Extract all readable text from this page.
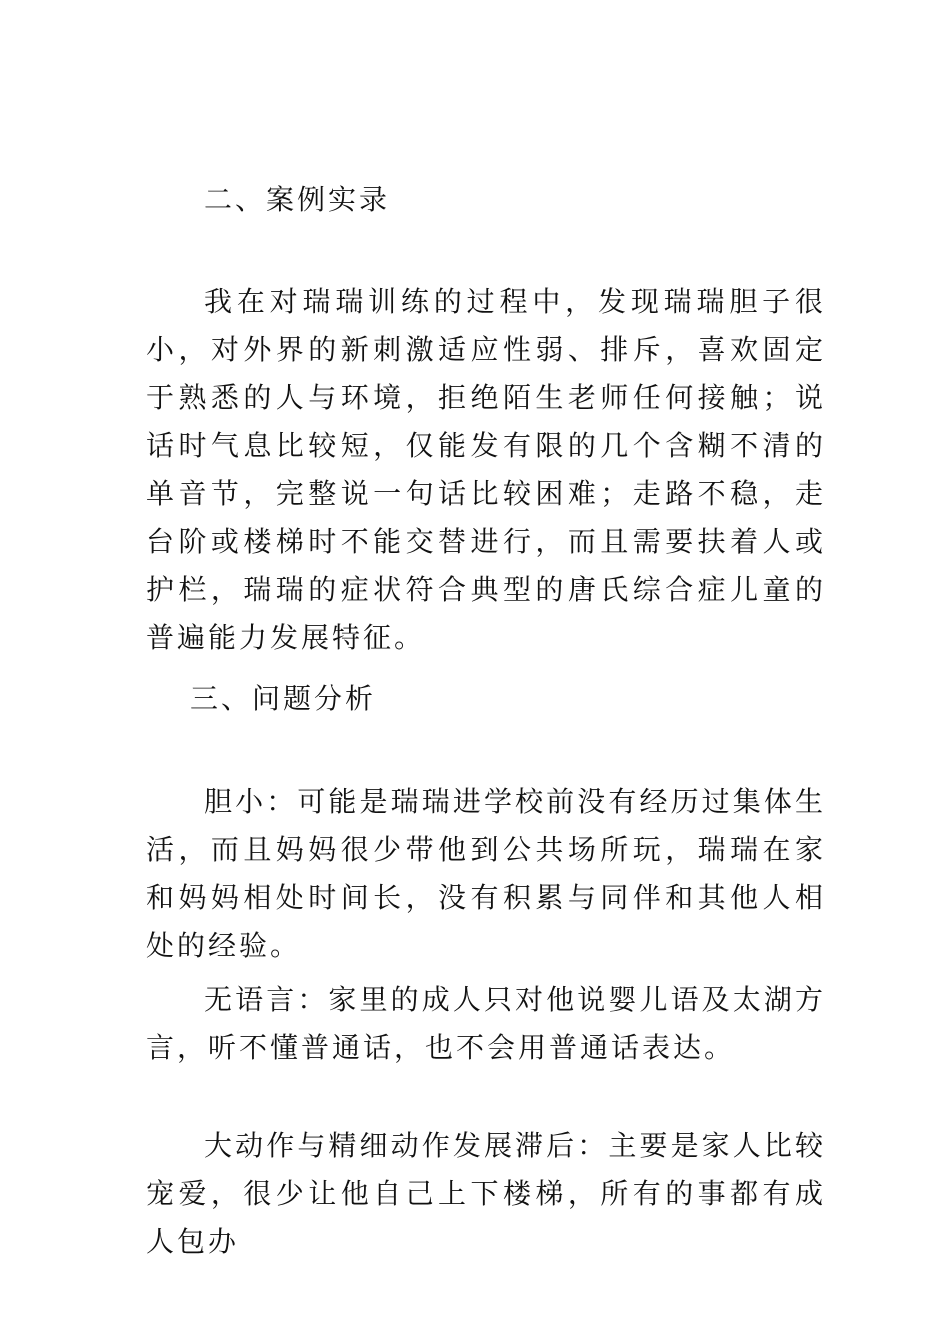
二、案例实录

我在对瑞瑞训练的过程中，发现瑞瑞胆子很小，对外界的新刺激适应性弱、排斥，喜欢固定于熟悉的人与环境，拒绝陌生老师任何接触；说话时气息比较短，仅能发有限的几个含糊不清的单音节，完整说一句话比较困难；走路不稳，走台阶或楼梯时不能交替进行，而且需要扶着人或护栏，瑞瑞的症状符合典型的唐氏综合症儿童的普遍能力发展特征。

三、问题分析

胆小：可能是瑞瑞进学校前没有经历过集体生活，而且妈妈很少带他到公共场所玩，瑞瑞在家和妈妈相处时间长，没有积累与同伴和其他人相处的经验。

无语言：家里的成人只对他说婴儿语及太湖方言，听不懂普通话，也不会用普通话表达。

大动作与精细动作发展滞后：主要是家人比较宠爱，很少让他自己上下楼梯，所有的事都有成人包办
